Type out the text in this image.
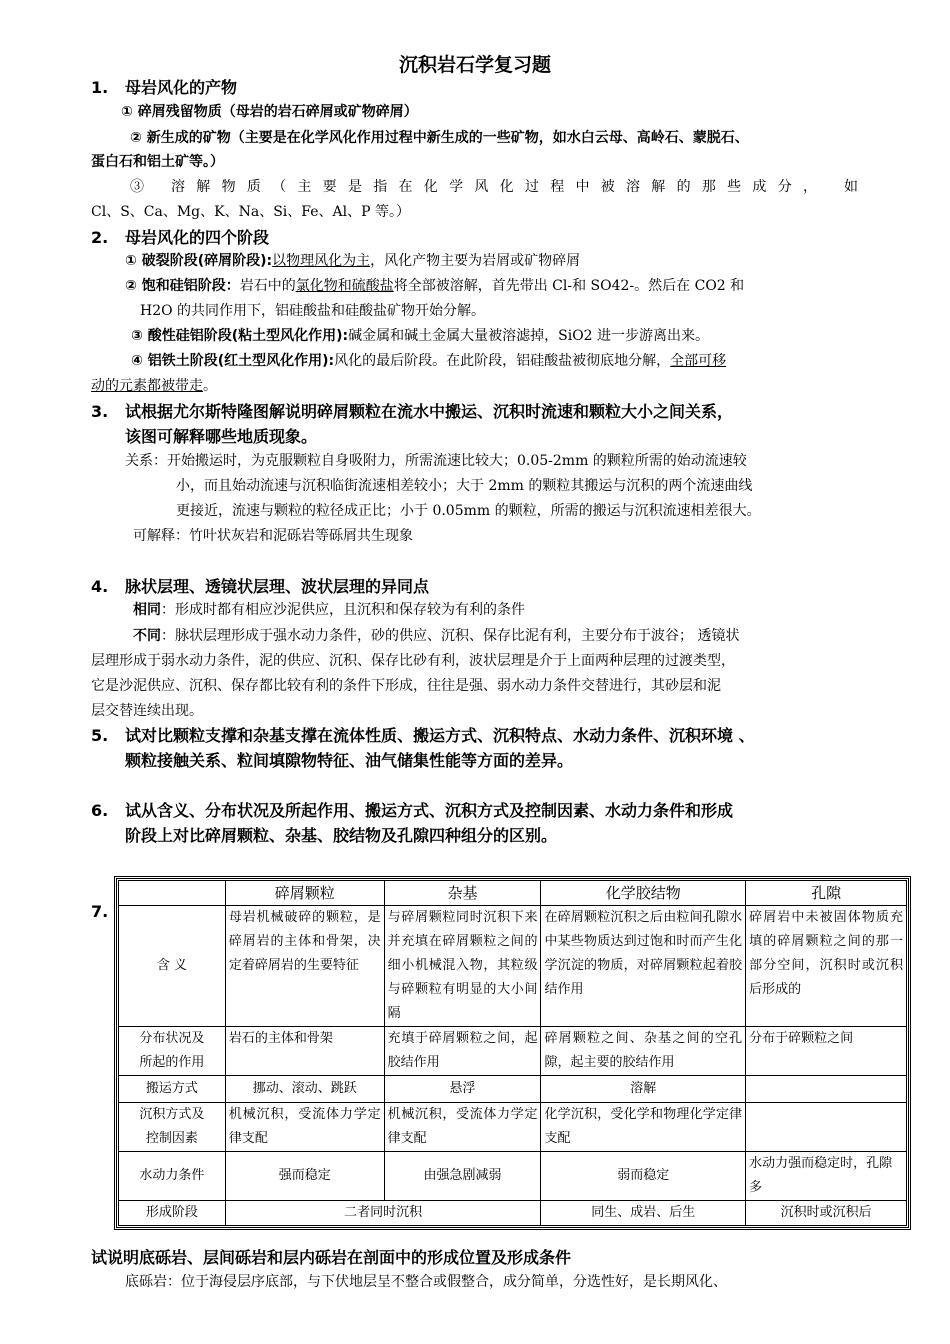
沉积岩石学复习题
1. 母岩风化的产物
① 碎屑残留物质（母岩的岩石碎屑或矿物碎屑）
② 新生成的矿物（主要是在化学风化作用过程中新生成的一些矿物，如水白云母、高岭石、蒙脱石、
蛋白石和铝土矿等。）
③ 溶解物质（主要是指在化学风化过程中被溶解的那些成分， 如
Cl、S、Ca、Mg、K、Na、Si、Fe、Al、P 等。）
2. 母岩风化的四个阶段
① 破裂阶段(碎屑阶段):以物理风化为主，风化产物主要为岩屑或矿物碎屑
② 饱和硅铝阶段：岩石中的氯化物和硫酸盐将全部被溶解，首先带出 Cl-和 SO42-。然后在 CO2 和
H2O 的共同作用下，铝硅酸盐和硅酸盐矿物开始分解。
③ 酸性硅铝阶段(粘土型风化作用):碱金属和碱土金属大量被溶滤掉，SiO2 进一步游离出来。
④ 铝铁土阶段(红土型风化作用):风化的最后阶段。在此阶段，铝硅酸盐被彻底地分解，全部可移
动的元素都被带走。
3. 试根据尤尔斯特隆图解说明碎屑颗粒在流水中搬运、沉积时流速和颗粒大小之间关系，
该图可解释哪些地质现象。
关系：开始搬运时，为克服颗粒自身吸附力，所需流速比较大；0.05-2mm 的颗粒所需的始动流速较
小，而且始动流速与沉积临街流速相差较小；大于 2mm 的颗粒其搬运与沉积的两个流速曲线
更接近，流速与颗粒的粒径成正比；小于 0.05mm 的颗粒，所需的搬运与沉积流速相差很大。
可解释：竹叶状灰岩和泥砾岩等砾屑共生现象
4. 脉状层理、透镜状层理、波状层理的异同点
相同：形成时都有相应沙泥供应，且沉积和保存较为有利的条件
不同：脉状层理形成于强水动力条件，砂的供应、沉积、保存比泥有利，主要分布于波谷； 透镜状
层理形成于弱水动力条件，泥的供应、沉积、保存比砂有利，波状层理是介于上面两种层理的过渡类型，
它是沙泥供应、沉积、保存都比较有利的条件下形成，往往是强、弱水动力条件交替进行，其砂层和泥
层交替连续出现。
5. 试对比颗粒支撑和杂基支撑在流体性质、搬运方式、沉积特点、水动力条件、沉积环境 、
颗粒接触关系、粒间填隙物特征、油气储集性能等方面的差异。
6. 试从含义、分布状况及所起作用、搬运方式、沉积方式及控制因素、水动力条件和形成
阶段上对比碎屑颗粒、杂基、胶结物及孔隙四种组分的区别。
7.
	碎屑颗粒	杂基	化学胶结物	孔隙
含 义	母岩机械破碎的颗粒，是碎屑岩的主体和骨架，决定着碎屑岩的生要特征	与碎屑颗粒同时沉积下来并充填在碎屑颗粒之间的细小机械混入物，其粒级与碎颗粒有明显的大小间隔	在碎屑颗粒沉积之后由粒间孔隙水中某些物质达到过饱和时而产生化学沉淀的物质，对碎屑颗粒起着胶结作用	碎屑岩中未被固体物质充填的碎屑颗粒之间的那一部分空间，沉积时或沉积后形成的

分布状况及
所起的作用	岩石的主体和骨架	充填于碎屑颗粒之间，起胶结作用	碎屑颗粒之间、杂基之间的空孔隙，起主要的胶结作用	分布于碎颗粒之间
搬运方式	挪动、滚动、跳跃	悬浮	溶解	

沉积方式及
控制因素	机械沉积，受流体力学定律支配	机械沉积，受流体力学定律支配	化学沉积，受化学和物理化学定律支配	
水动力条件	强而稳定	由强急剧减弱	弱而稳定	水动力强而稳定时，孔隙多
形成阶段	二者同时沉积		同生、成岩、后生	沉积时或沉积后
试说明底砾岩、层间砾岩和层内砾岩在剖面中的形成位置及形成条件
底砾岩：位于海侵层序底部，与下伏地层呈不整合或假整合，成分简单，分选性好，是长期风化、
